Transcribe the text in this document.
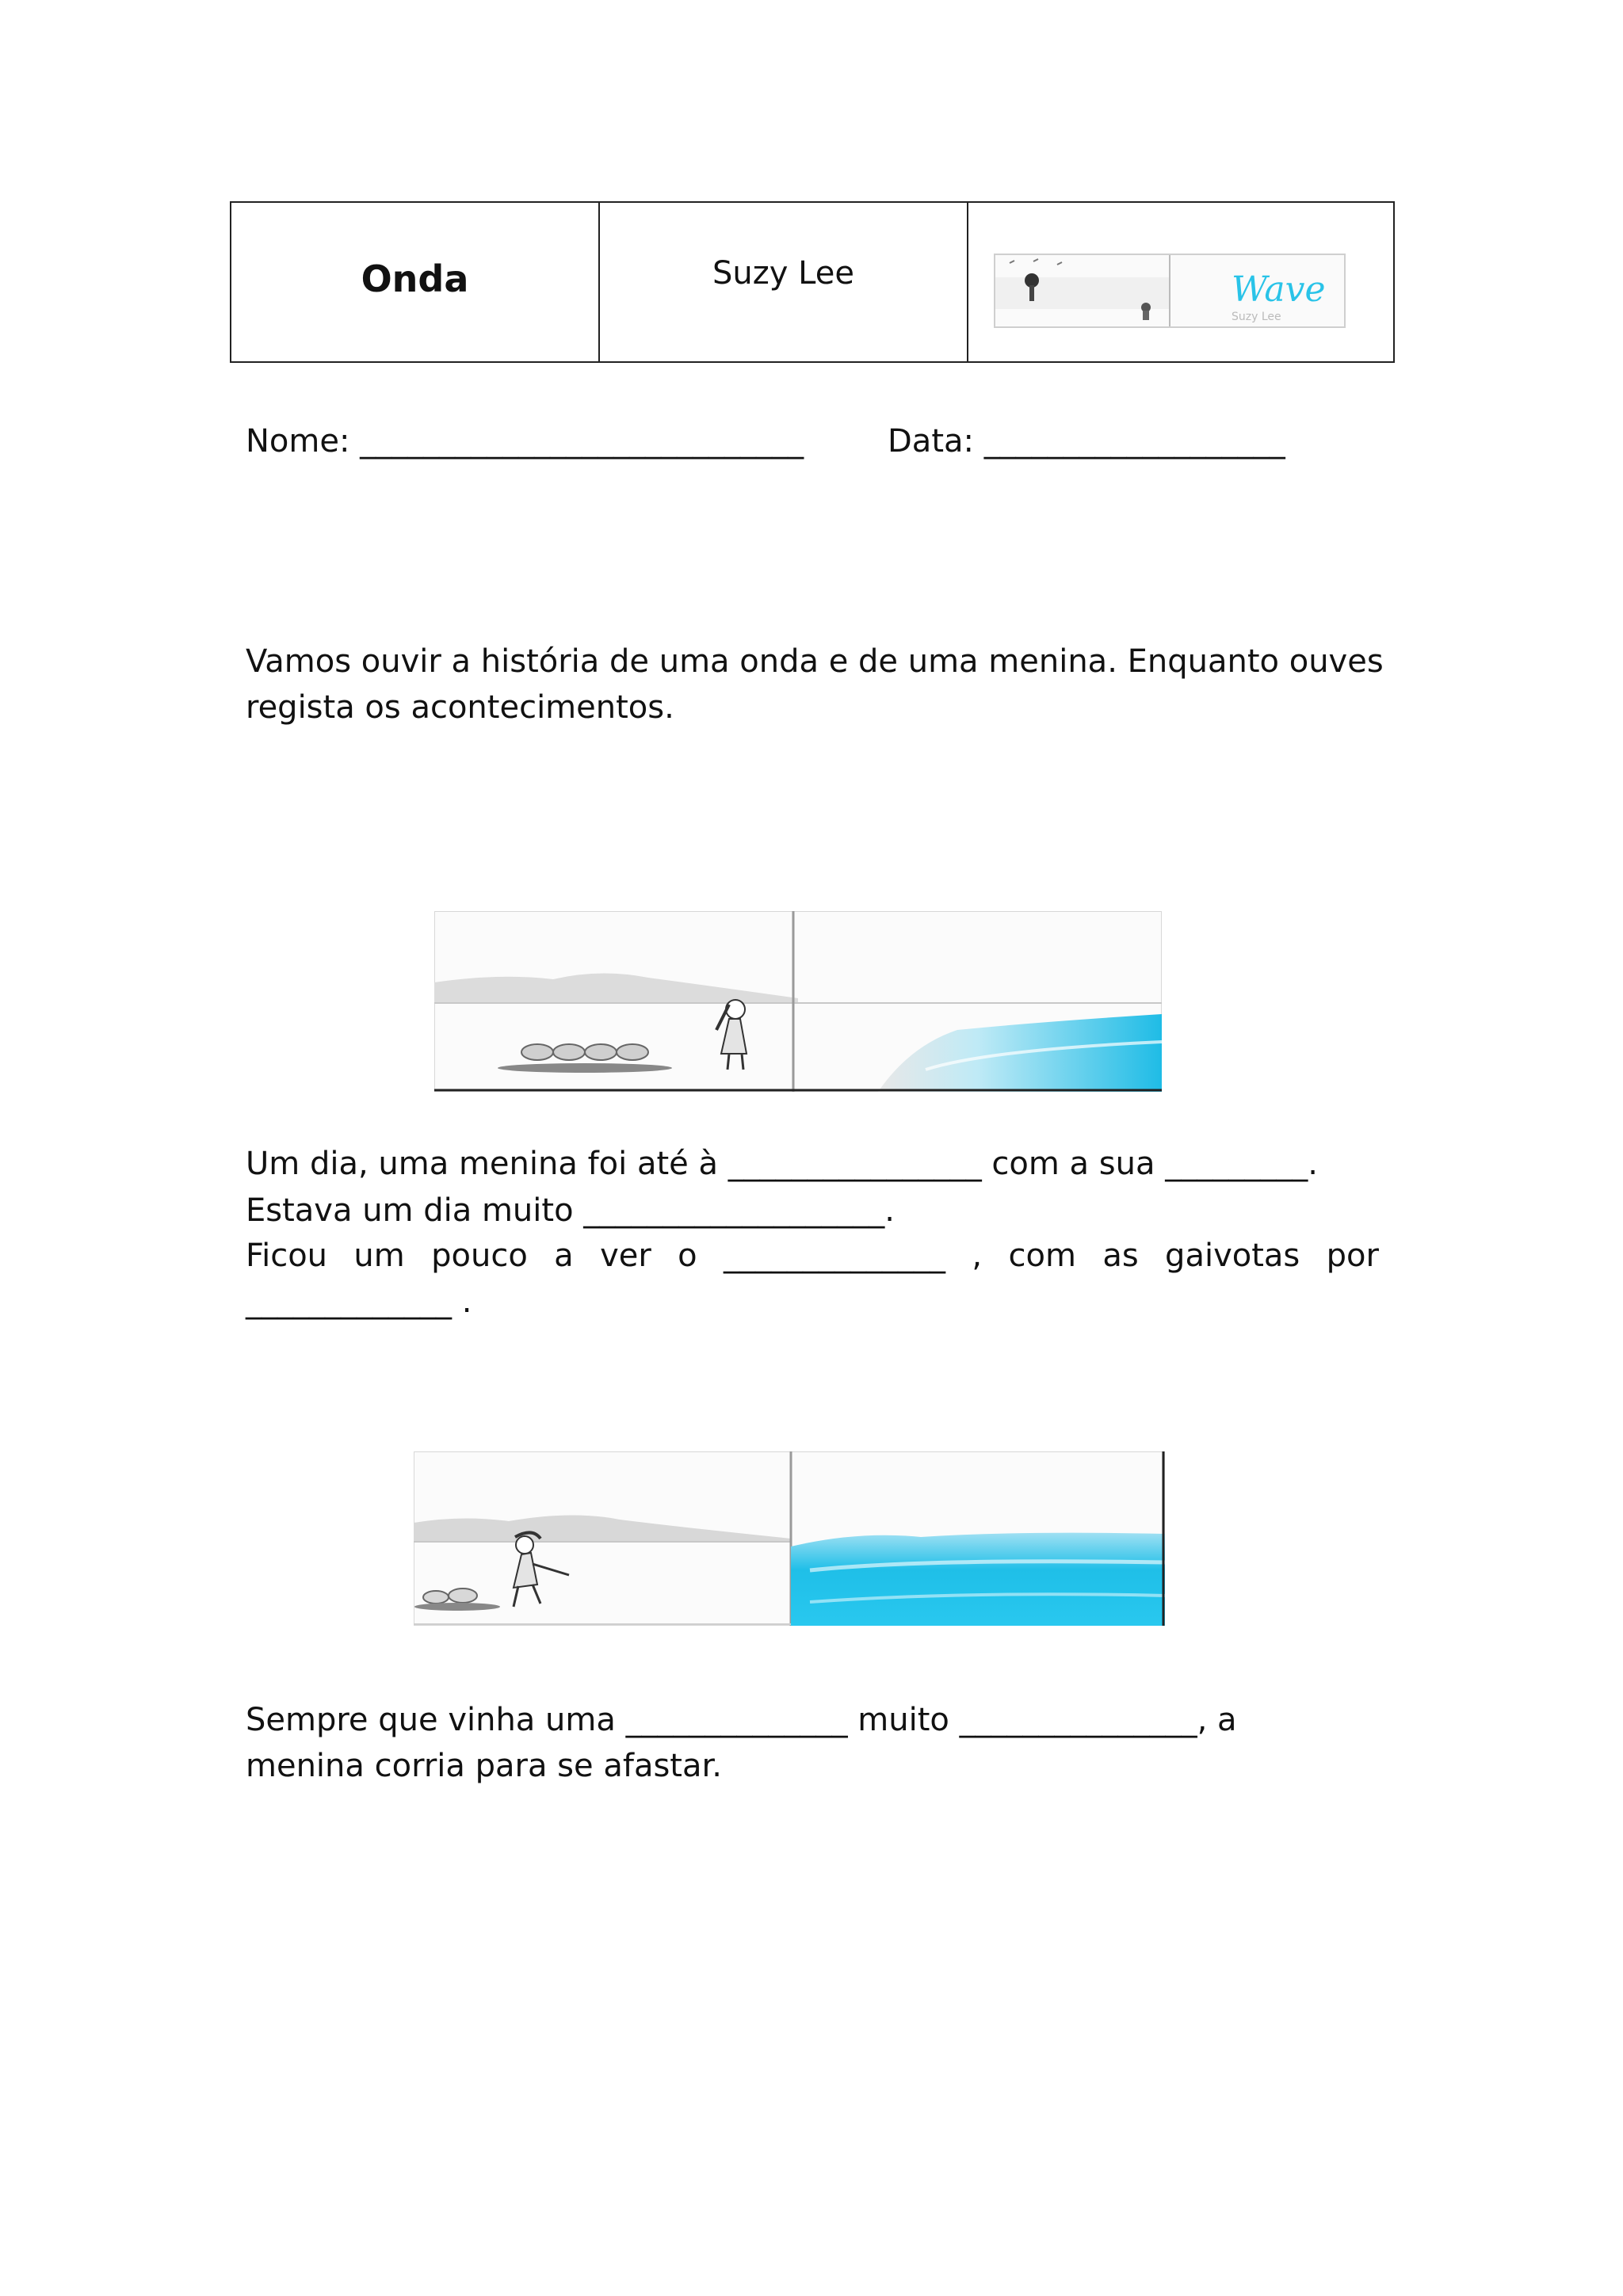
Onda	Suzy Lee	Wave
Suzy Lee
Nome: ____________________________	Data: ___________________
Vamos ouvir a história de uma onda e de uma menina. Enquanto ouves
regista os acontecimentos.
Um dia, uma menina foi até à ________________ com a sua _________.
Estava um dia muito ___________________.
Ficou um pouco a ver o ______________ , com as gaivotas por
_____________ .
Sempre que vinha uma ______________ muito _______________, a
menina corria para se afastar.
